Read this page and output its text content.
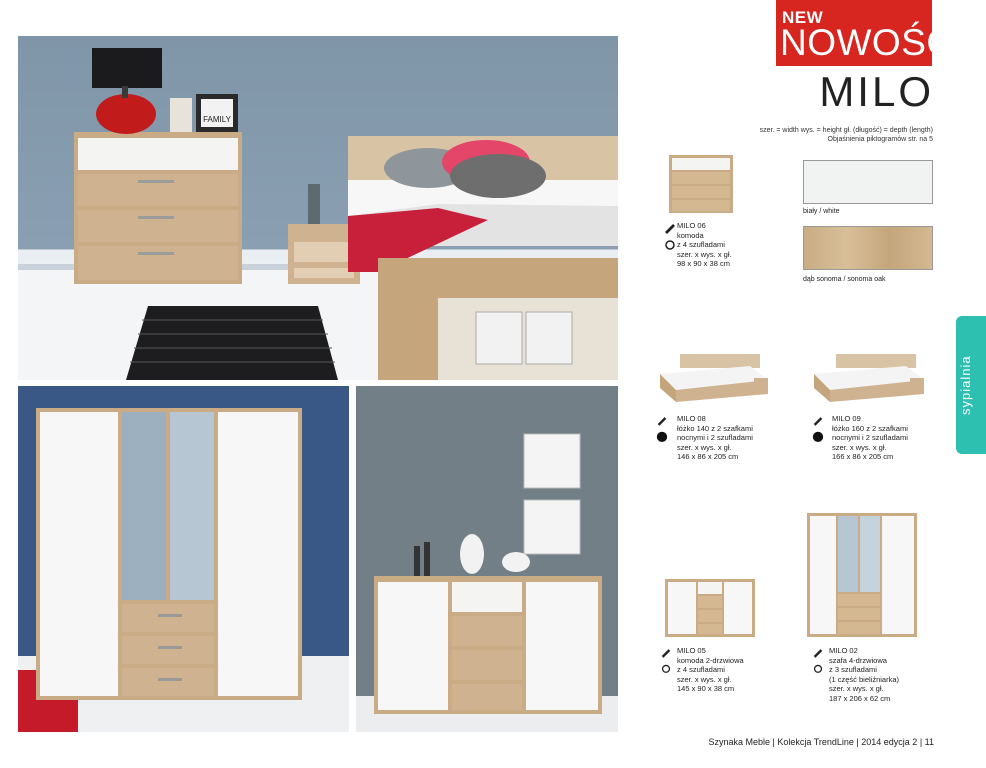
FAMILY
NEW
NOWOŚĆ
MILO
szer. = width wys. = height gł. (długość) = depth (length)
Objaśnienia piktogramów str. na 5
biały / white
dąb sonoma / sonoma oak
MILO 06
komoda
z 4 szufladami
szer. x wys. x gł.
98 x 90 x 38 cm
MILO 08
łóżko 140 z 2 szafkami
nocnymi i 2 szufladami
szer. x wys. x gł.
146 x 86 x 205 cm
MILO 09
łóżko 160 z 2 szafkami
nocnymi i 2 szufladami
szer. x wys. x gł.
166 x 86 x 205 cm
MILO 05
komoda 2-drzwiowa
z 4 szufladami
szer. x wys. x gł.
145 x 90 x 38 cm
MILO 02
szafa 4-drzwiowa
z 3 szufladami
(1 część bieliźniarka)
szer. x wys. x gł.
187 x 206 x 62 cm
sypialnia
Szynaka Meble | Kolekcja TrendLine | 2014 edycja 2 | 11
